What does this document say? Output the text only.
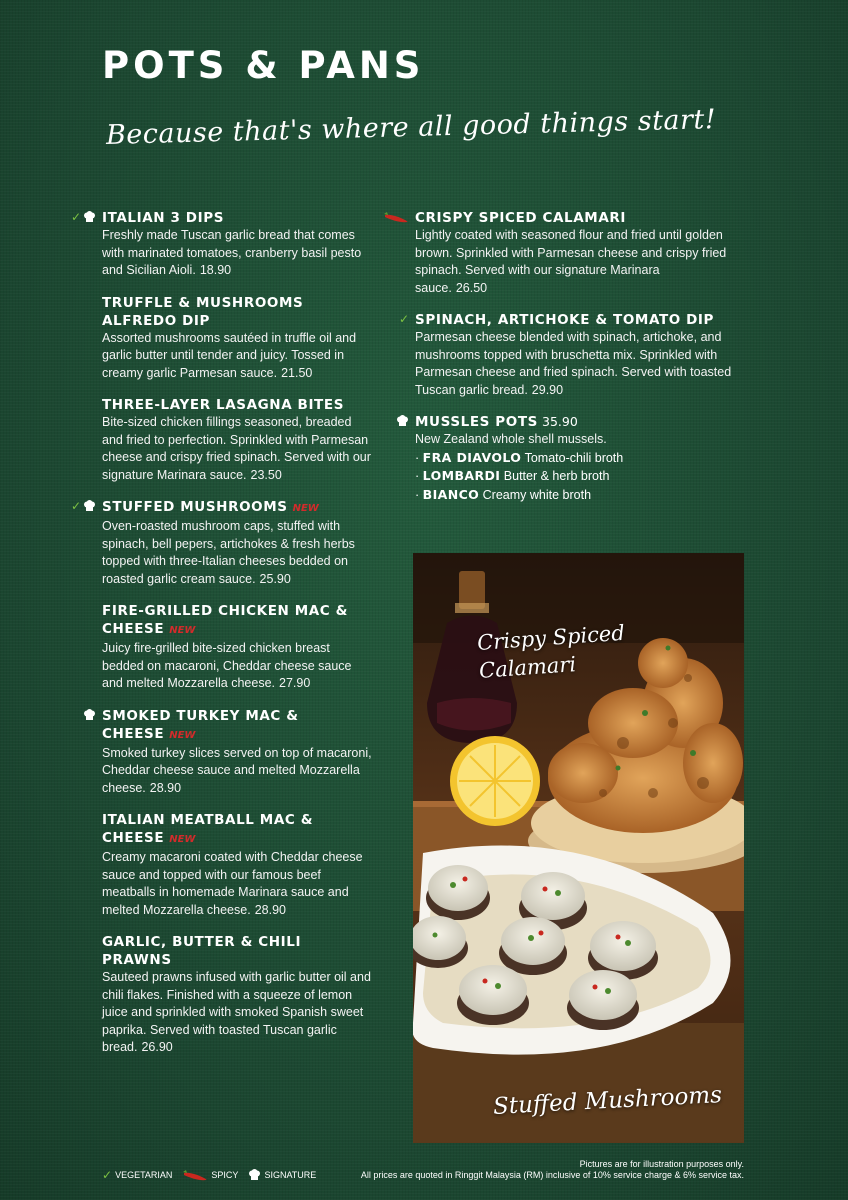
POTS & PANS
Because that's where all good things start!
✓ ITALIAN 3 DIPS

Freshly made Tuscan garlic bread that comes with marinated tomatoes, cranberry basil pesto and Sicilian Aioli. 18.90

TRUFFLE & MUSHROOMS ALFREDO DIP

Assorted mushrooms sautéed in truffle oil and garlic butter until tender and juicy. Tossed in creamy garlic Parmesan sauce. 21.50

THREE-LAYER LASAGNA BITES

Bite-sized chicken fillings seasoned, breaded and fried to perfection. Sprinkled with Parmesan cheese and crispy fried spinach. Served with our signature Marinara sauce. 23.50

✓ STUFFED MUSHROOMS NEW

Oven-roasted mushroom caps, stuffed with spinach, bell pepers, artichokes & fresh herbs topped with three-Italian cheeses bedded on roasted garlic cream sauce. 25.90

FIRE-GRILLED CHICKEN MAC & CHEESE NEW

Juicy fire-grilled bite-sized chicken breast bedded on macaroni, Cheddar cheese sauce and melted Mozzarella cheese. 27.90

SMOKED TURKEY MAC & CHEESE NEW

Smoked turkey slices served on top of macaroni, Cheddar cheese sauce and melted Mozzarella cheese. 28.90

ITALIAN MEATBALL MAC & CHEESE NEW

Creamy macaroni coated with Cheddar cheese sauce and topped with our famous beef meatballs in homemade Marinara sauce and melted Mozzarella cheese. 28.90

GARLIC, BUTTER & CHILI PRAWNS

Sauteed prawns infused with garlic butter oil and chili flakes. Finished with a squeeze of lemon juice and sprinkled with smoked Spanish sweet paprika. Served with toasted Tuscan garlic bread. 26.90

CRISPY SPICED CALAMARI

Lightly coated with seasoned flour and fried until golden brown. Sprinkled with Parmesan cheese and crispy fried spinach. Served with our signature Marinara sauce. 26.50

✓ SPINACH, ARTICHOKE & TOMATO DIP

Parmesan cheese blended with spinach, artichoke, and mushrooms topped with bruschetta mix. Sprinkled with Parmesan cheese and fried spinach. Served with toasted Tuscan garlic bread. 29.90

MUSSLES POTS 35.90

New Zealand whole shell mussels.

· FRA DIAVOLO Tomato-chili broth

· LOMBARDI Butter & herb broth

· BIANCO Creamy white broth

Crispy Spiced Calamari
Stuffed Mushrooms
✓ VEGETARIAN	SPICY	SIGNATURE
Pictures are for illustration purposes only.
All prices are quoted in Ringgit Malaysia (RM) inclusive of 10% service charge & 6% service tax.
